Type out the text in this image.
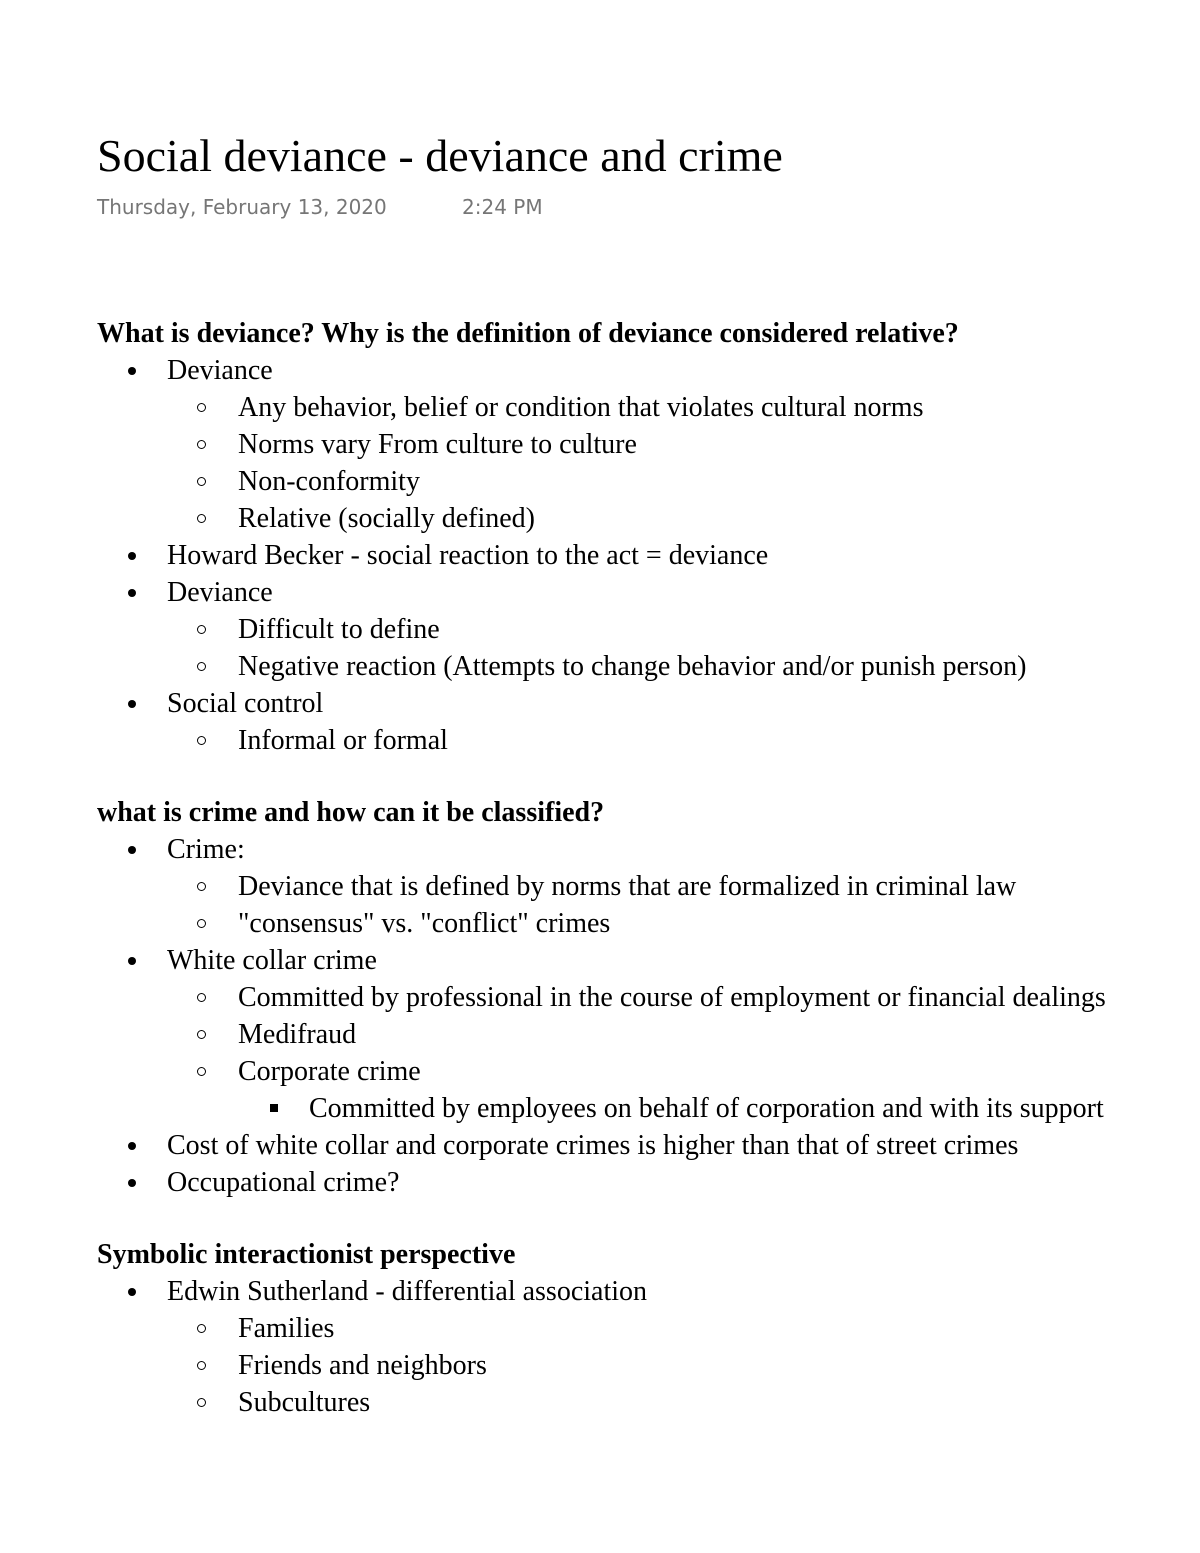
Social deviance - deviance and crime
Thursday, February 13, 2020	2:24 PM
What is deviance? Why is the definition of deviance considered relative?
Deviance
Any behavior, belief or condition that violates cultural norms
Norms vary From culture to culture
Non-conformity
Relative (socially defined)
Howard Becker - social reaction to the act = deviance
Deviance
Difficult to define
Negative reaction (Attempts to change behavior and/or punish person)
Social control
Informal or formal
what is crime and how can it be classified?
Crime:
Deviance that is defined by norms that are formalized in criminal law
"consensus" vs. "conflict" crimes
White collar crime
Committed by professional in the course of employment or financial dealings
Medifraud
Corporate crime
Committed by employees on behalf of corporation and with its support
Cost of white collar and corporate crimes is higher than that of street crimes
Occupational crime?
Symbolic interactionist perspective
Edwin Sutherland - differential association
Families
Friends and neighbors
Subcultures
